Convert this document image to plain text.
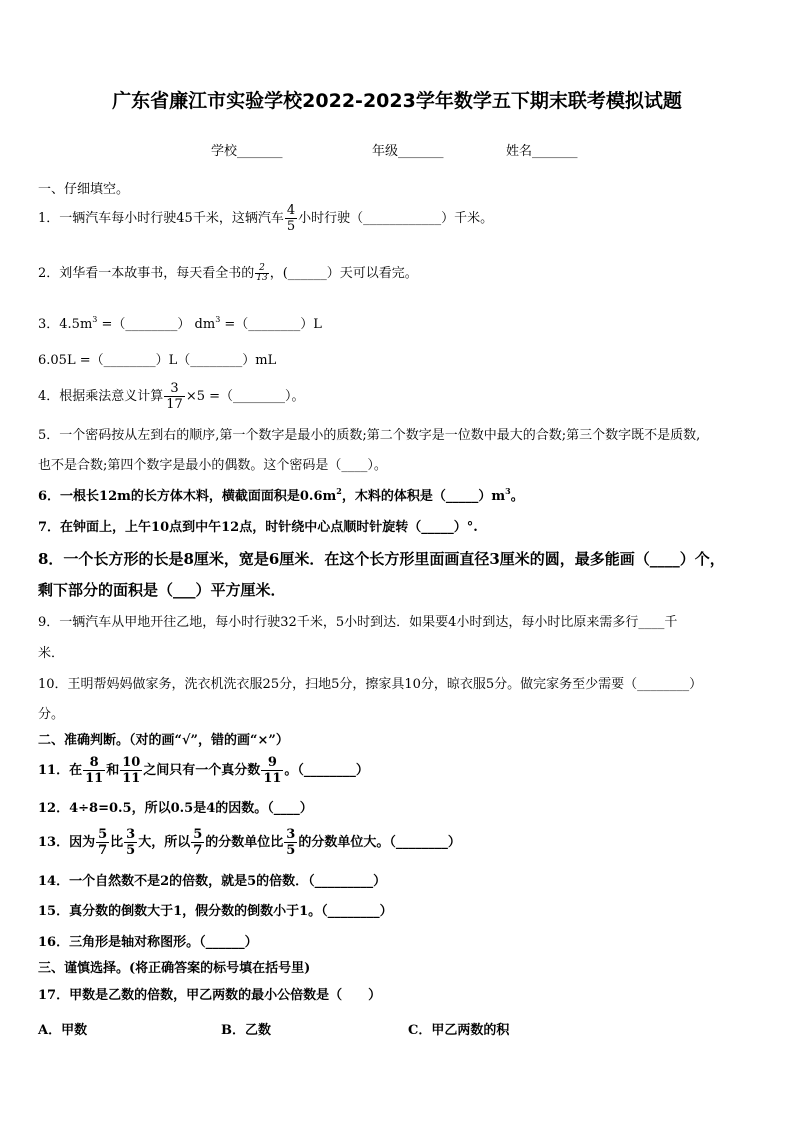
广东省廉江市实验学校2022-2023学年数学五下期末联考模拟试题
学校_______	年级_______	姓名_______
一、仔细填空。
1．一辆汽车每小时行驶45千米，这辆汽车 $\frac{4}{5}$ 小时行驶（____________）千米。
2．刘华看一本故事书，每天看全书的 $\frac{2}{13}$ ，(______）天可以看完。
3．$4.5m^3$ =（________） $dm^3$ =（________）L
6.05L =（________）L（________）mL
4．根据乘法意义计算 $\frac{3}{17} \times 5$ =（________）。
5．一个密码按从左到右的顺序,第一个数字是最小的质数;第二个数字是一位数中最大的合数;第三个数字既不是质数,
也不是合数;第四个数字是最小的偶数。这个密码是（____）。
6．一根长12m的长方体木料，横截面面积是$0.6m^2$，木料的体积是$(\_\_\_\_\_)m^3$。
7．在钟面上，上午10点到中午12点，时针绕中心点顺时针旋转（_____）°.
8．一个长方形的长是8厘米，宽是6厘米．在这个长方形里面画直径3厘米的圆，最多能画（____）个，
剩下部分的面积是（___）平方厘米．
9．一辆汽车从甲地开往乙地，每小时行驶32千米，5小时到达．如果要4小时到达，每小时比原来需多行____千
米．
10．王明帮妈妈做家务，洗衣机洗衣服25分，扫地5分，擦家具10分，晾衣服5分。做完家务至少需要（________）
分。
二、准确判断。（对的画“√”，错的画“×”）
11．在 $\frac{8}{11}$ 和 $\frac{10}{11}$ 之间只有一个真分数 $\frac{9}{11}$ 。（________）
12．4÷8=0.5，所以0.5是4的因数。（____）
13．因为 $\frac{5}{7}$ 比 $\frac{3}{5}$ 大，所以 $\frac{5}{7}$ 的分数单位比 $\frac{3}{5}$ 的分数单位大。（________）
14．一个自然数不是2的倍数，就是5的倍数．（_________）
15．真分数的倒数大于1，假分数的倒数小于1。（________）
16．三角形是轴对称图形。（______）
三、谨慎选择。(将正确答案的标号填在括号里)
17．甲数是乙数的倍数，甲乙两数的最小公倍数是（　　）
A．甲数	B．乙数	C．甲乙两数的积
